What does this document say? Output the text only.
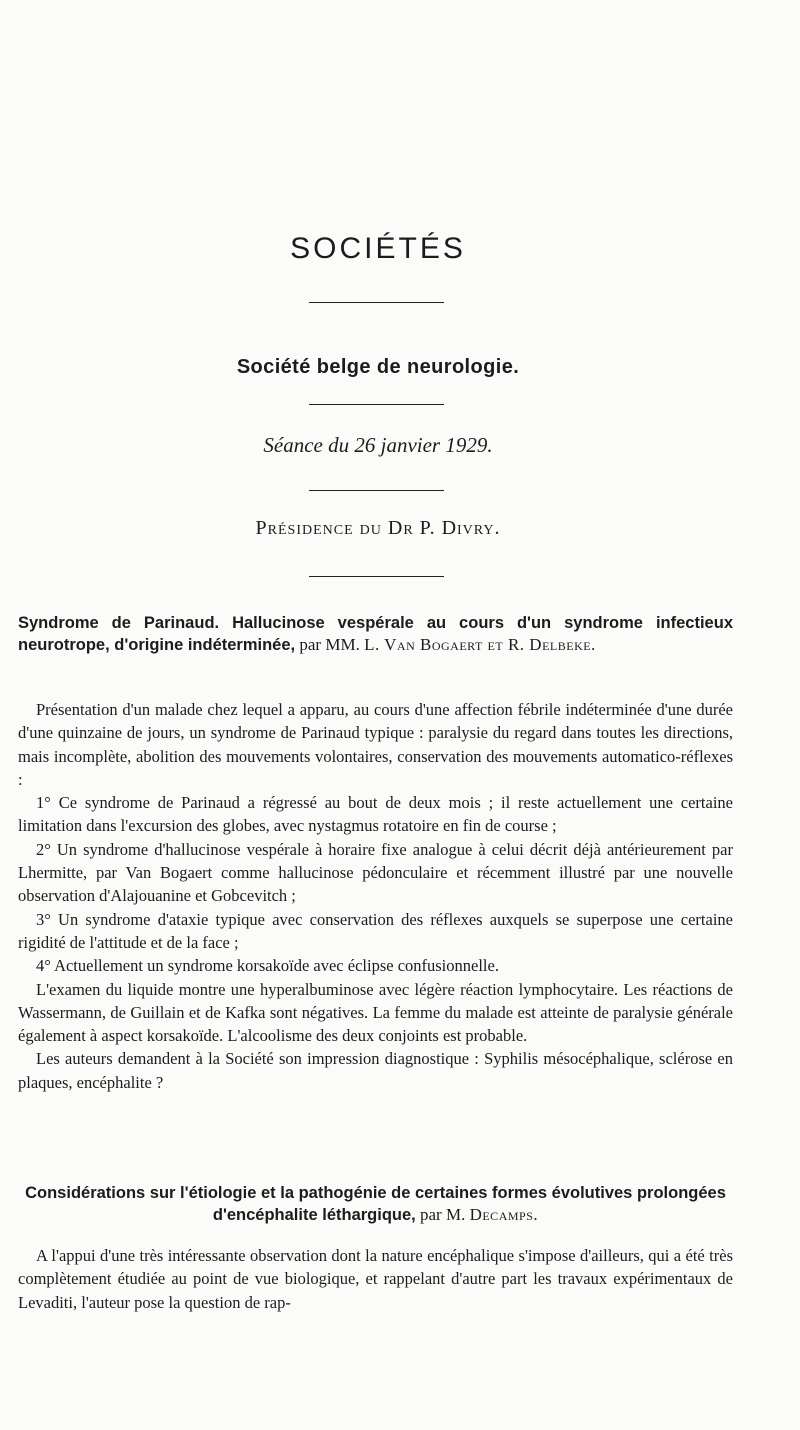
SOCIÉTÉS
Société belge de neurologie.
Séance du 26 janvier 1929.
Présidence du Dr P. Divry.
Syndrome de Parinaud. Hallucinose vespérale au cours d'un syndrome infectieux neurotrope, d'origine indéterminée, par MM. L. Van Bogaert et R. Delbeke.

Présentation d'un malade chez lequel a apparu, au cours d'une affection fébrile indéterminée d'une durée d'une quinzaine de jours, un syndrome de Parinaud typique : paralysie du regard dans toutes les directions, mais incomplète, abolition des mouvements volontaires, conservation des mouvements automatico-réflexes :

1° Ce syndrome de Parinaud a régressé au bout de deux mois ; il reste actuellement une certaine limitation dans l'excursion des globes, avec nystagmus rotatoire en fin de course ;

2° Un syndrome d'hallucinose vespérale à horaire fixe analogue à celui décrit déjà antérieurement par Lhermitte, par Van Bogaert comme hallucinose pédonculaire et récemment illustré par une nouvelle observation d'Alajouanine et Gobcevitch ;

3° Un syndrome d'ataxie typique avec conservation des réflexes auxquels se superpose une certaine rigidité de l'attitude et de la face ;

4° Actuellement un syndrome korsakoïde avec éclipse confusionnelle.

L'examen du liquide montre une hyperalbuminose avec légère réaction lymphocytaire. Les réactions de Wassermann, de Guillain et de Kafka sont négatives. La femme du malade est atteinte de paralysie générale également à aspect korsakoïde. L'alcoolisme des deux conjoints est probable.

Les auteurs demandent à la Société son impression diagnostique : Syphilis mésocéphalique, sclérose en plaques, encéphalite ?

Considérations sur l'étiologie et la pathogénie de certaines formes évolutives prolongées d'encéphalite léthargique, par M. Decamps.

A l'appui d'une très intéressante observation dont la nature encéphalique s'impose d'ailleurs, qui a été très complètement étudiée au point de vue biologique, et rappelant d'autre part les travaux expérimentaux de Levaditi, l'auteur pose la question de rap-
